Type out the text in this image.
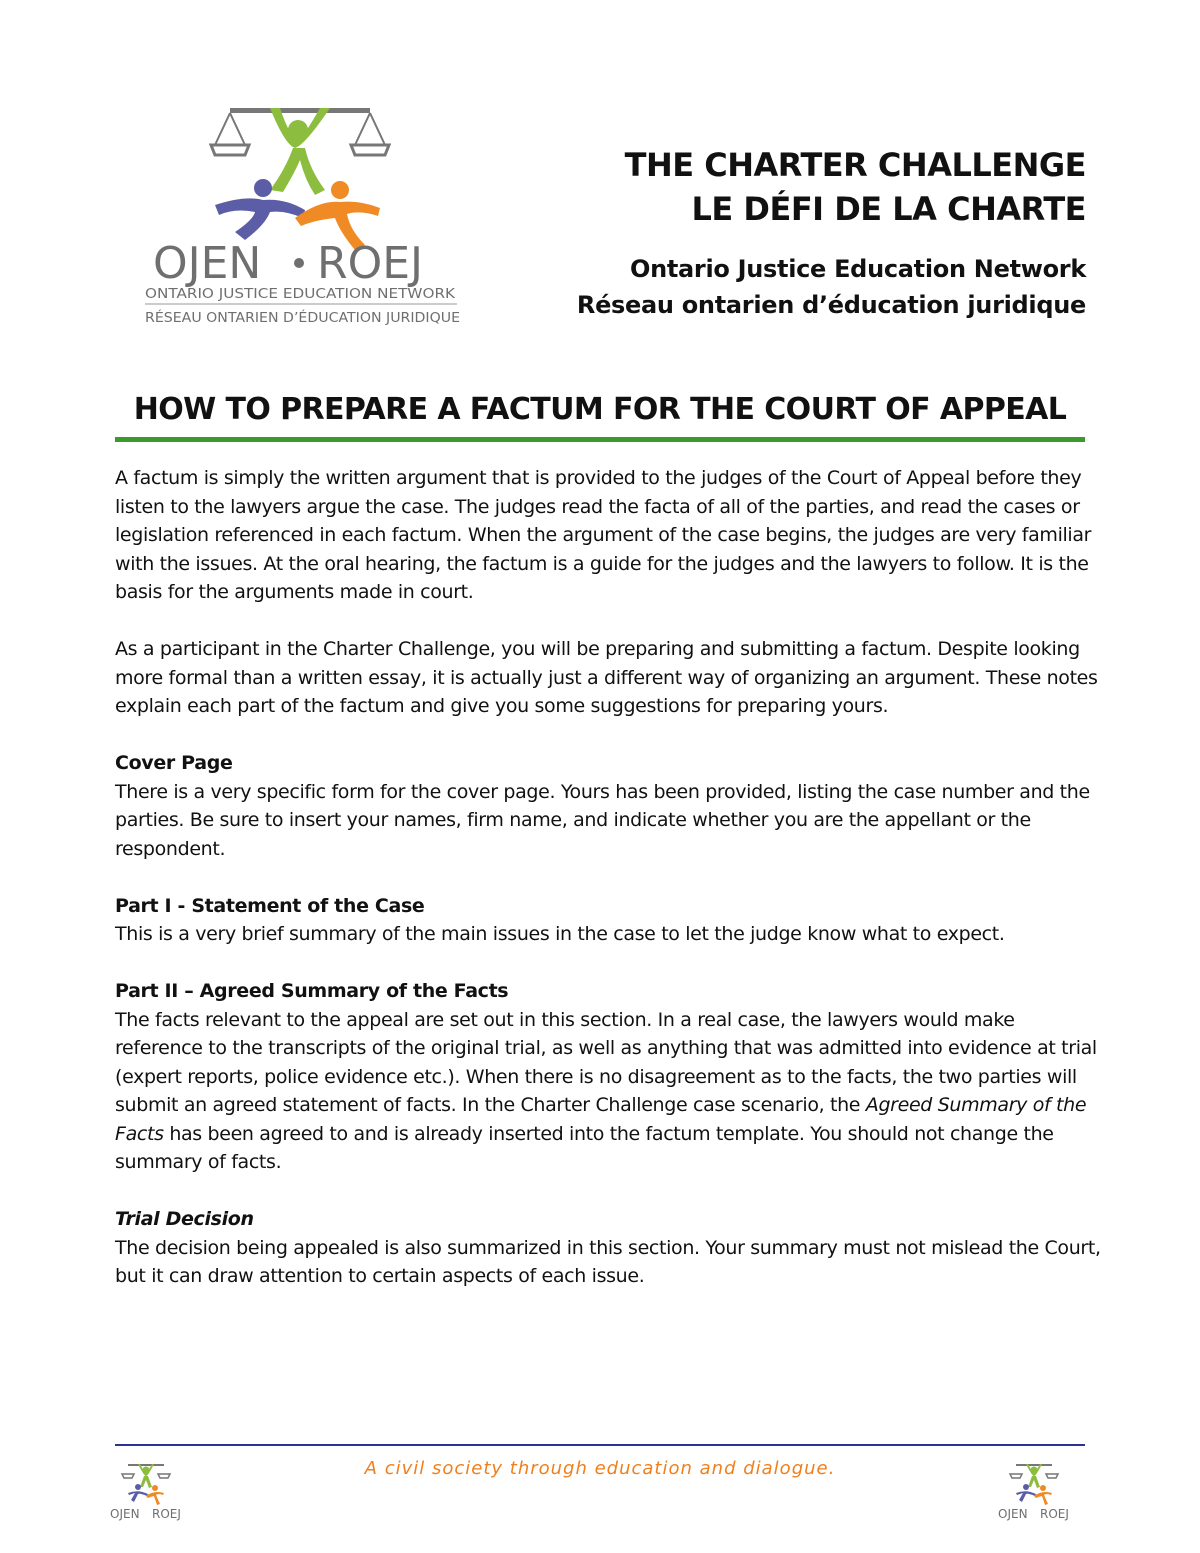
OJEN ROEJ
ONTARIO JUSTICE EDUCATION NETWORK
RÉSEAU ONTARIEN D’ÉDUCATION JURIDIQUE
THE CHARTER CHALLENGE
LE DÉFI DE LA CHARTE
Ontario Justice Education Network
Réseau ontarien d’éducation juridique
HOW TO PREPARE A FACTUM FOR THE COURT OF APPEAL

A factum is simply the written argument that is provided to the judges of the Court of Appeal before they listen to the lawyers argue the case. The judges read the facta of all of the parties, and read the cases or legislation referenced in each factum. When the argument of the case begins, the judges are very familiar with the issues. At the oral hearing, the factum is a guide for the judges and the lawyers to follow. It is the basis for the arguments made in court.

As a participant in the Charter Challenge, you will be preparing and submitting a factum. Despite looking more formal than a written essay, it is actually just a different way of organizing an argument. These notes explain each part of the factum and give you some suggestions for preparing yours.

Cover Page

There is a very specific form for the cover page. Yours has been provided, listing the case number and the parties. Be sure to insert your names, firm name, and indicate whether you are the appellant or the respondent.

Part I - Statement of the Case

This is a very brief summary of the main issues in the case to let the judge know what to expect.

Part II – Agreed Summary of the Facts

The facts relevant to the appeal are set out in this section. In a real case, the lawyers would make reference to the transcripts of the original trial, as well as anything that was admitted into evidence at trial (expert reports, police evidence etc.). When there is no disagreement as to the facts, the two parties will submit an agreed statement of facts. In the Charter Challenge case scenario, the Agreed Summary of the Facts has been agreed to and is already inserted into the factum template. You should not change the summary of facts.

Trial Decision

The decision being appealed is also summarized in this section. Your summary must not mislead the Court, but it can draw attention to certain aspects of each issue.

A civil society through education and dialogue.
OJEN ROEJ	OJEN ROEJ
